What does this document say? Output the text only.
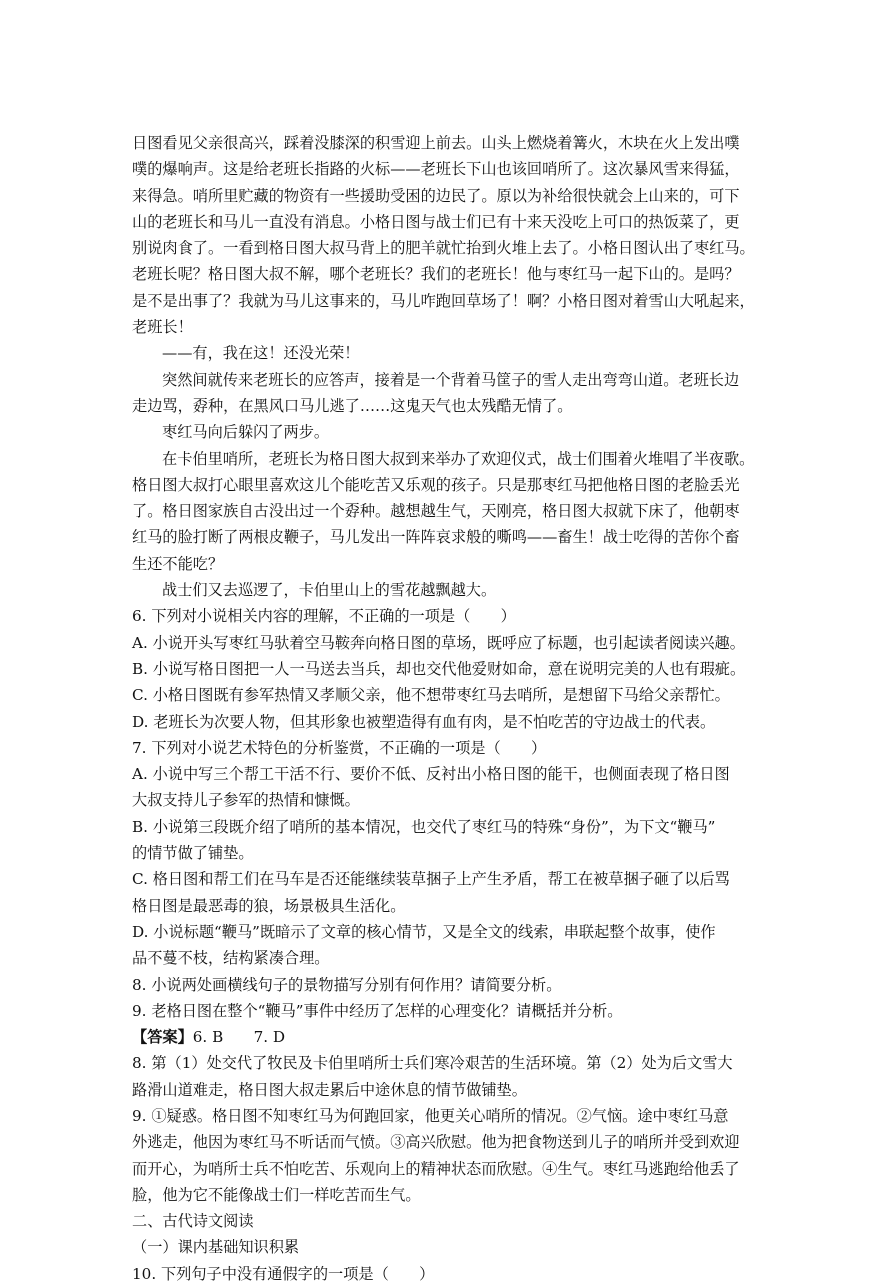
日图看见父亲很高兴，踩着没膝深的积雪迎上前去。山头上燃烧着篝火，木块在火上发出噗
噗的爆响声。这是给老班长指路的火标——老班长下山也该回哨所了。这次暴风雪来得猛，
来得急。哨所里贮藏的物资有一些援助受困的边民了。原以为补给很快就会上山来的，可下
山的老班长和马儿一直没有消息。小格日图与战士们已有十来天没吃上可口的热饭菜了，更
别说肉食了。一看到格日图大叔马背上的肥羊就忙抬到火堆上去了。小格日图认出了枣红马。
老班长呢？格日图大叔不解，哪个老班长？我们的老班长！他与枣红马一起下山的。是吗？
是不是出事了？我就为马儿这事来的，马儿咋跑回草场了！啊？小格日图对着雪山大吼起来，
老班长！
——有，我在这！还没光荣！
突然间就传来老班长的应答声，接着是一个背着马筐子的雪人走出弯弯山道。老班长边
走边骂，孬种，在黑风口马儿逃了……这鬼天气也太残酷无情了。
枣红马向后躲闪了两步。
在卡伯里哨所，老班长为格日图大叔到来举办了欢迎仪式，战士们围着火堆唱了半夜歌。
格日图大叔打心眼里喜欢这儿个能吃苦又乐观的孩子。只是那枣红马把他格日图的老脸丢光
了。格日图家族自古没出过一个孬种。越想越生气，天刚亮，格日图大叔就下床了，他朝枣
红马的脸打断了两根皮鞭子，马儿发出一阵阵哀求般的嘶鸣——畜生！战士吃得的苦你个畜
生还不能吃？
战士们又去巡逻了，卡伯里山上的雪花越飘越大。
6. 下列对小说相关内容的理解，不正确的一项是（　　）
A. 小说开头写枣红马驮着空马鞍奔向格日图的草场，既呼应了标题，也引起读者阅读兴趣。
B. 小说写格日图把一人一马送去当兵，却也交代他爱财如命，意在说明完美的人也有瑕疵。
C. 小格日图既有参军热情又孝顺父亲，他不想带枣红马去哨所，是想留下马给父亲帮忙。
D. 老班长为次要人物，但其形象也被塑造得有血有肉，是不怕吃苦的守边战士的代表。
7. 下列对小说艺术特色的分析鉴赏，不正确的一项是（　　）
A. 小说中写三个帮工干活不行、要价不低、反衬出小格日图的能干，也侧面表现了格日图
大叔支持儿子参军的热情和慷慨。
B. 小说第三段既介绍了哨所的基本情况，也交代了枣红马的特殊“身份”，为下文“鞭马”
的情节做了铺垫。
C. 格日图和帮工们在马车是否还能继续装草捆子上产生矛盾，帮工在被草捆子砸了以后骂
格日图是最恶毒的狼，场景极具生活化。
D. 小说标题“鞭马”既暗示了文章的核心情节，又是全文的线索，串联起整个故事，使作
品不蔓不枝，结构紧凑合理。
8. 小说两处画横线句子的景物描写分别有何作用？请简要分析。
9. 老格日图在整个“鞭马”事件中经历了怎样的心理变化？请概括并分析。
【答案】6. B　　7. D
8. 第（1）处交代了牧民及卡伯里哨所士兵们寒冷艰苦的生活环境。第（2）处为后文雪大
路滑山道难走，格日图大叔走累后中途休息的情节做铺垫。
9. ①疑惑。格日图不知枣红马为何跑回家，他更关心哨所的情况。②气恼。途中枣红马意
外逃走，他因为枣红马不听话而气愤。③高兴欣慰。他为把食物送到儿子的哨所并受到欢迎
而开心，为哨所士兵不怕吃苦、乐观向上的精神状态而欣慰。④生气。枣红马逃跑给他丢了
脸，他为它不能像战士们一样吃苦而生气。
二、古代诗文阅读
（一）课内基础知识积累
10. 下列句子中没有通假字的一项是（　　）
